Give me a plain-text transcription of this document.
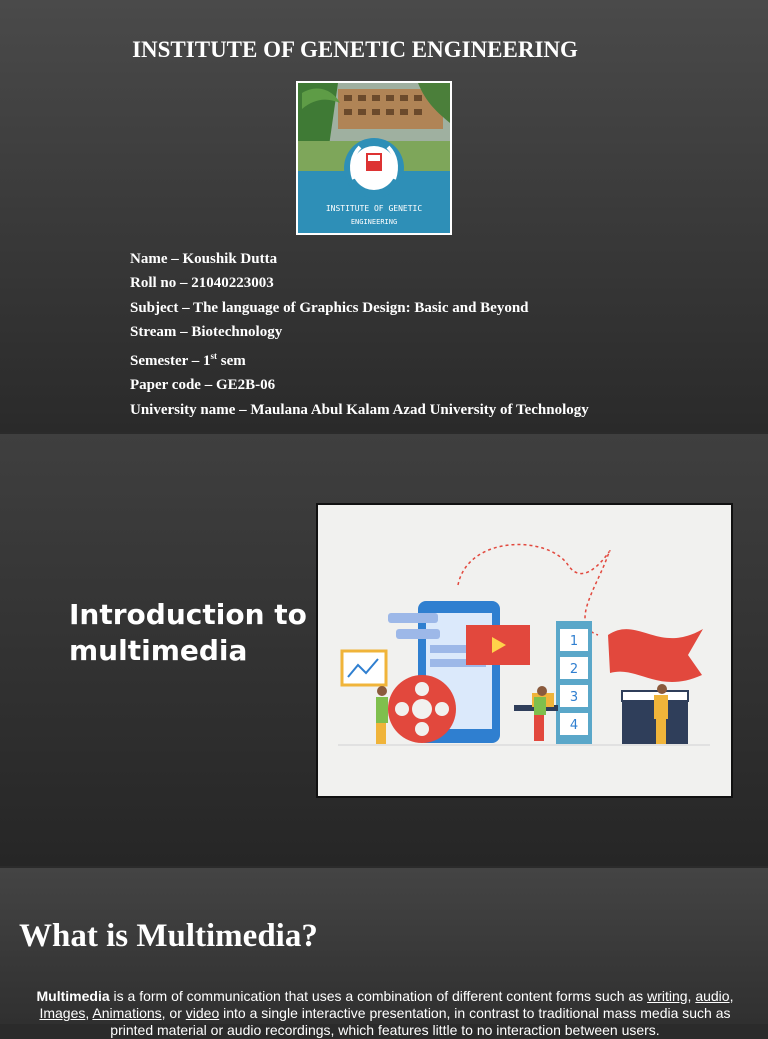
INSTITUTE OF GENETIC ENGINEERING
INSTITUTE OF GENETIC
ENGINEERING
Name – Koushik Dutta
Roll no – 21040223003
Subject – The language of Graphics Design: Basic and Beyond
Stream – Biotechnology
Semester – 1st sem
Paper code – GE2B-06
University name – Maulana Abul Kalam Azad University of Technology
Introduction to
multimedia	1
2
3
4
What is Multimedia?
Multimedia is a form of communication that uses a combination of different content forms such as writing, audio, Images, Animations, or video into a single interactive presentation, in contrast to traditional mass media such as printed material or audio recordings, which features little to no interaction between users.
